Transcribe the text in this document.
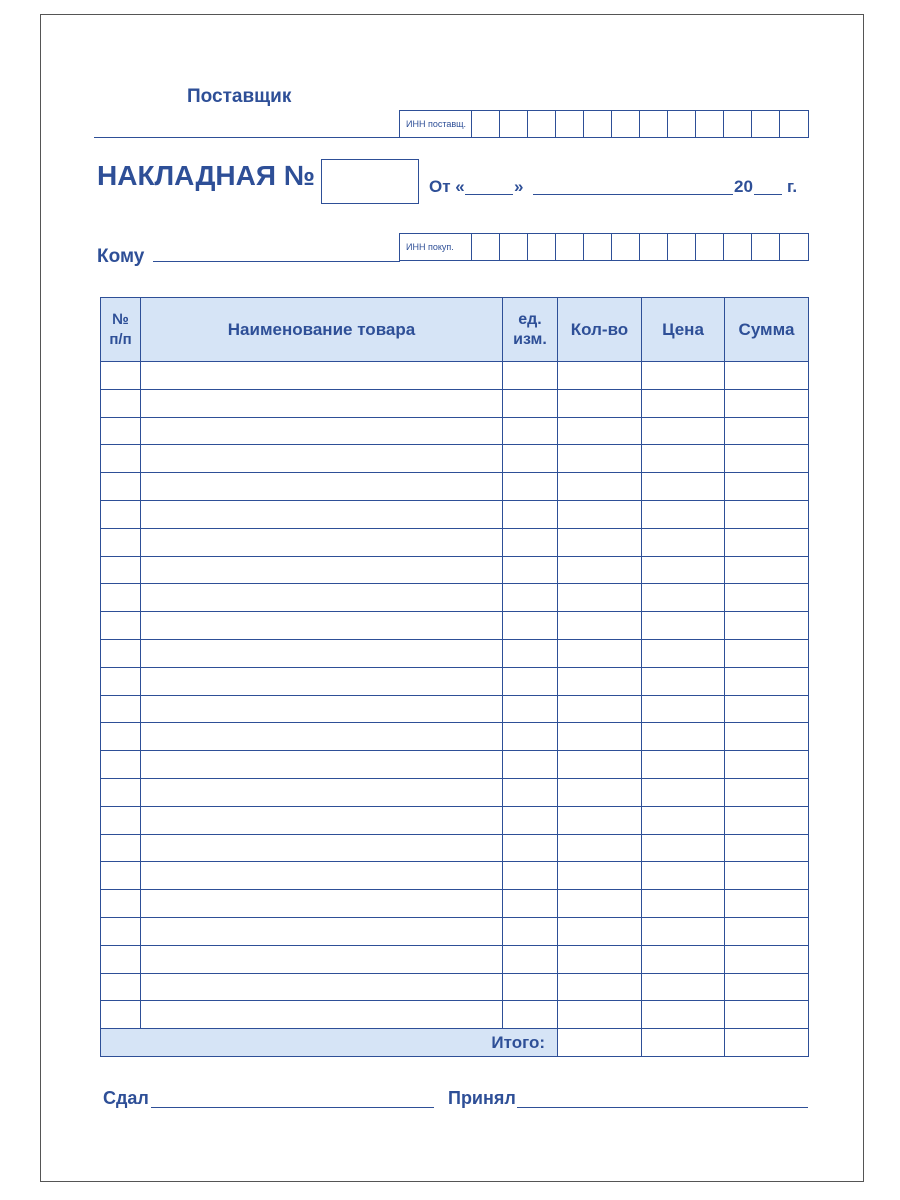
Поставщик
ИНН поставщ.
НАКЛАДНАЯ №	От «	»	20 г.
Кому	ИНН покуп.
№ п/п	Наименование товара	ед. изм.	Кол-во	Цена	Сумма

Итого:					
Сдал	Принял
